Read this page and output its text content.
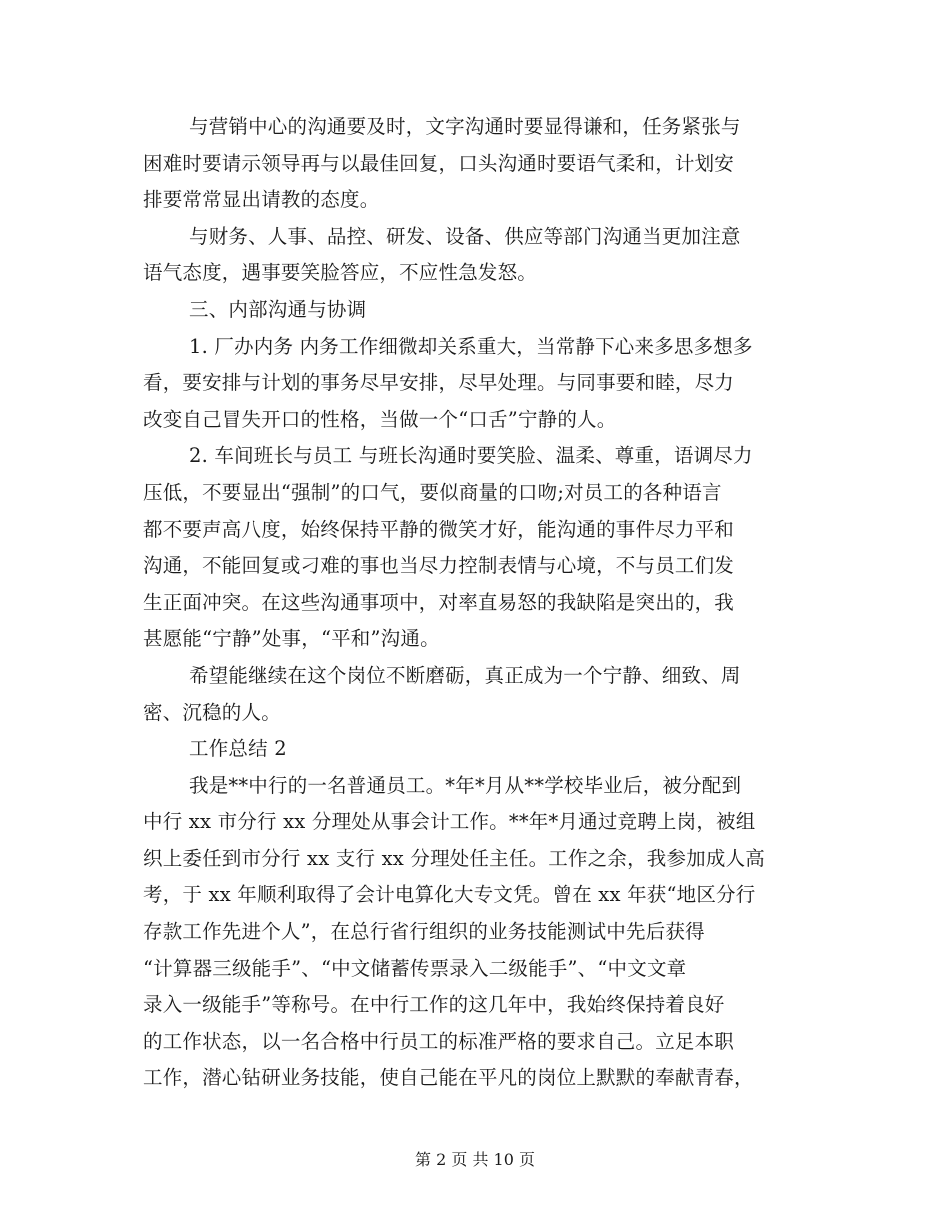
与营销中心的沟通要及时，文字沟通时要显得谦和，任务紧张与
困难时要请示领导再与以最佳回复，口头沟通时要语气柔和，计划安
排要常常显出请教的态度。
与财务、人事、品控、研发、设备、供应等部门沟通当更加注意
语气态度，遇事要笑脸答应，不应性急发怒。
三、内部沟通与协调
1. 厂办内务 内务工作细微却关系重大，当常静下心来多思多想多
看，要安排与计划的事务尽早安排，尽早处理。与同事要和睦，尽力
改变自己冒失开口的性格，当做一个“口舌”宁静的人。
2. 车间班长与员工 与班长沟通时要笑脸、温柔、尊重，语调尽力
压低，不要显出“强制”的口气，要似商量的口吻;对员工的各种语言
都不要声高八度，始终保持平静的微笑才好，能沟通的事件尽力平和
沟通，不能回复或刁难的事也当尽力控制表情与心境，不与员工们发
生正面冲突。在这些沟通事项中，对率直易怒的我缺陷是突出的，我
甚愿能“宁静”处事，“平和”沟通。
希望能继续在这个岗位不断磨砺，真正成为一个宁静、细致、周
密、沉稳的人。
工作总结 2
我是**中行的一名普通员工。*年*月从**学校毕业后，被分配到
中行 xx 市分行 xx 分理处从事会计工作。**年*月通过竞聘上岗，被组
织上委任到市分行 xx 支行 xx 分理处任主任。工作之余，我参加成人高
考，于 xx 年顺利取得了会计电算化大专文凭。曾在 xx 年获“地区分行
存款工作先进个人”，在总行省行组织的业务技能测试中先后获得
“计算器三级能手”、“中文储蓄传票录入二级能手”、“中文文章
录入一级能手”等称号。在中行工作的这几年中，我始终保持着良好
的工作状态，以一名合格中行员工的标准严格的要求自己。立足本职
工作，潜心钻研业务技能，使自己能在平凡的岗位上默默的奉献青春，
第 2 页 共 10 页
